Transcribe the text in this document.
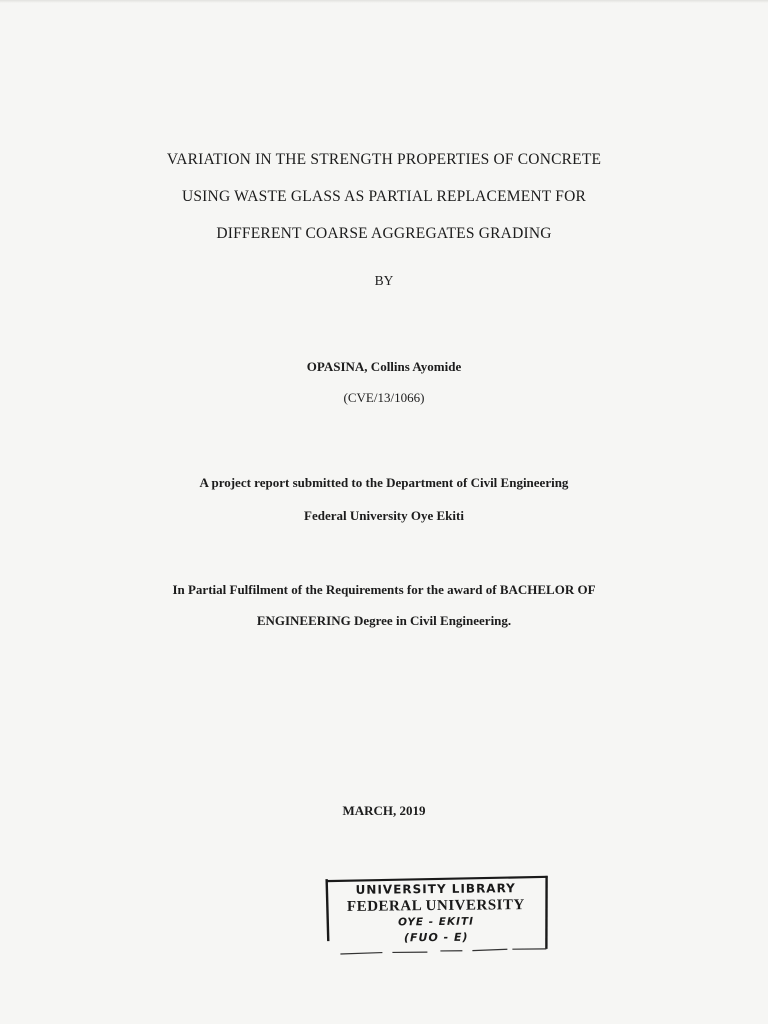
VARIATION IN THE STRENGTH PROPERTIES OF CONCRETE
USING WASTE GLASS AS PARTIAL REPLACEMENT FOR
DIFFERENT COARSE AGGREGATES GRADING
BY
OPASINA, Collins Ayomide
(CVE/13/1066)
A project report submitted to the Department of Civil Engineering
Federal University Oye Ekiti
In Partial Fulfilment of the Requirements for the award of BACHELOR OF
ENGINEERING Degree in Civil Engineering.
MARCH, 2019
UNIVERSITY LIBRARY
FEDERAL UNIVERSITY
OYE - EKITI
(FUO - E)
